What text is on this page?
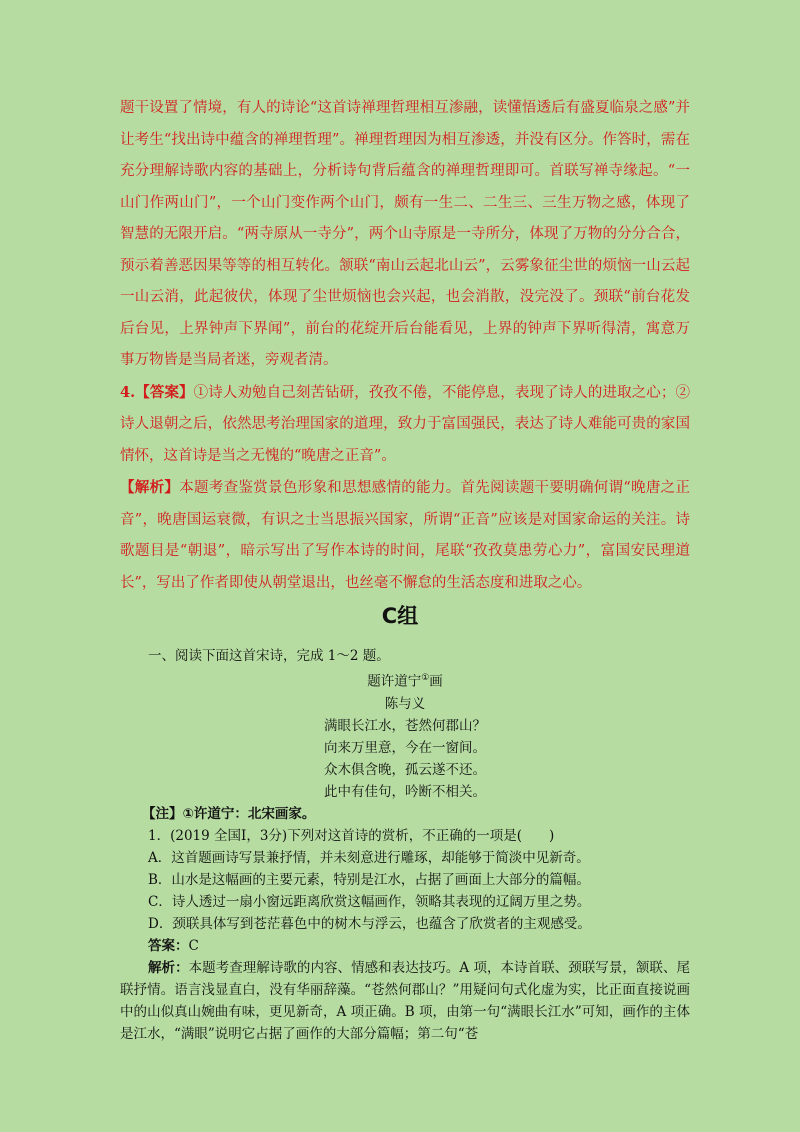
题干设置了情境，有人的诗论“这首诗禅理哲理相互渗融，读懂悟透后有盛夏临泉之感”并让考生“找出诗中蕴含的禅理哲理”。禅理哲理因为相互渗透，并没有区分。作答时，需在充分理解诗歌内容的基础上，分析诗句背后蕴含的禅理哲理即可。首联写禅寺缘起。“一山门作两山门”，一个山门变作两个山门，颇有一生二、二生三、三生万物之感，体现了智慧的无限开启。“两寺原从一寺分”，两个山寺原是一寺所分，体现了万物的分分合合，预示着善恶因果等等的相互转化。颔联“南山云起北山云”，云雾象征尘世的烦恼一山云起一山云消，此起彼伏，体现了尘世烦恼也会兴起，也会消散，没完没了。颈联“前台花发后台见，上界钟声下界闻”，前台的花绽开后台能看见，上界的钟声下界听得清，寓意万事万物皆是当局者迷，旁观者清。

4.【答案】①诗人劝勉自己刻苦钻研，孜孜不倦，不能停息，表现了诗人的进取之心；②诗人退朝之后，依然思考治理国家的道理，致力于富国强民，表达了诗人难能可贵的家国情怀，这首诗是当之无愧的“晚唐之正音”。

【解析】本题考查鉴赏景色形象和思想感情的能力。首先阅读题干要明确何谓“晚唐之正音”，晚唐国运衰微，有识之士当思振兴国家，所谓“正音”应该是对国家命运的关注。诗歌题目是“朝退”，暗示写出了写作本诗的时间，尾联“孜孜莫患劳心力”，富国安民理道长”，写出了作者即使从朝堂退出，也丝毫不懈怠的生活态度和进取之心。

C组

一、阅读下面这首宋诗，完成 1～2 题。

题许道宁①画
陈与义
满眼长江水，苍然何郡山？
向来万里意，今在一窗间。
众木俱含晚，孤云遂不还。
此中有佳句，吟断不相关。

【注】①许道宁：北宋画家。

1．(2019 全国Ⅰ，3分)下列对这首诗的赏析，不正确的一项是(　　)

A．这首题画诗写景兼抒情，并未刻意进行雕琢，却能够于简淡中见新奇。

B．山水是这幅画的主要元素，特别是江水，占据了画面上大部分的篇幅。

C．诗人透过一扇小窗远距离欣赏这幅画作，领略其表现的辽阔万里之势。

D．颈联具体写到苍茫暮色中的树木与浮云，也蕴含了欣赏者的主观感受。

答案：C

解析：本题考查理解诗歌的内容、情感和表达技巧。A 项，本诗首联、颈联写景，颔联、尾联抒情。语言浅显直白，没有华丽辞藻。“苍然何郡山？”用疑问句式化虚为实，比正面直接说画中的山似真山婉曲有味，更见新奇，A 项正确。B 项，由第一句“满眼长江水”可知，画作的主体是江水，“满眼”说明它占据了画作的大部分篇幅；第二句“苍
